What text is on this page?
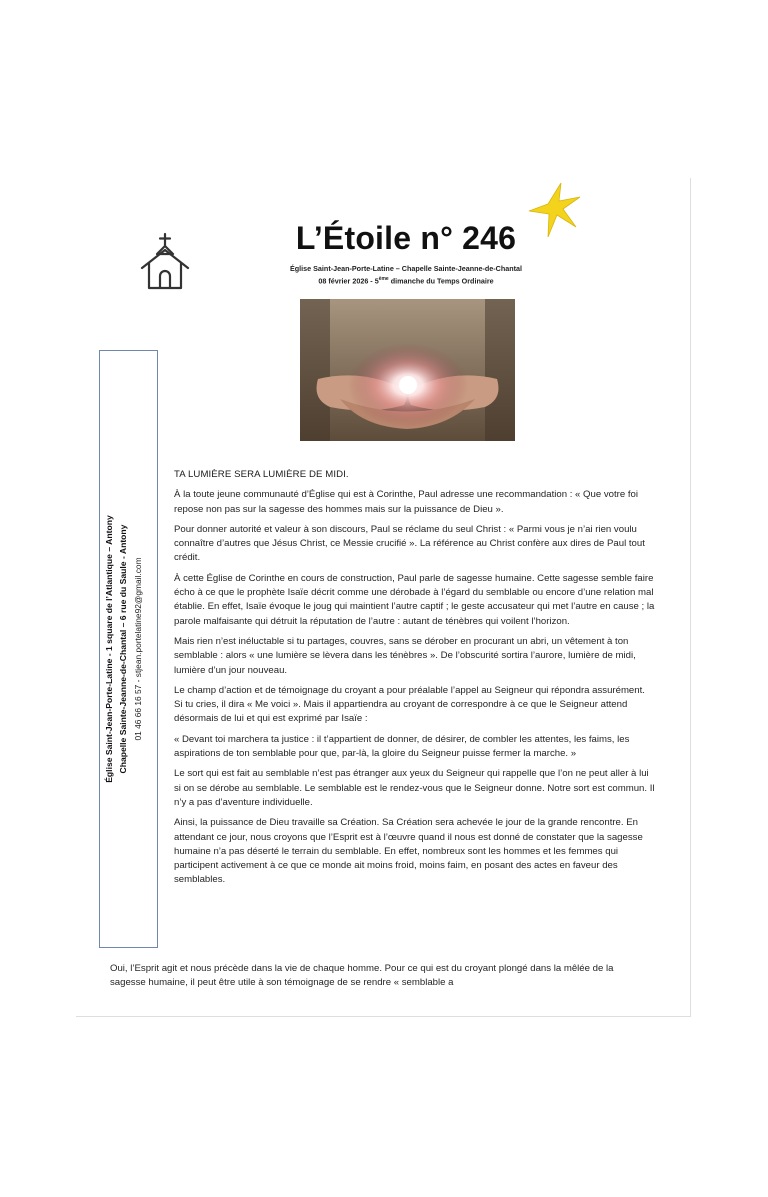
L’Étoile n° 246
Église Saint-Jean-Porte-Latine – Chapelle Sainte-Jeanne-de-Chantal
08 février 2026 - 5ème dimanche du Temps Ordinaire
Église Saint-Jean-Porte-Latine - 1 square de l’Atlantique – Antony Chapelle Sainte-Jeanne-de-Chantal – 6 rue du Saule - Antony 01 46 66 16 57 - stjean.portelatine92@gmail.com
TA LUMIÈRE SERA LUMIÈRE DE MIDI.

À la toute jeune communauté d’Église qui est à Corinthe, Paul adresse une recommandation : « Que votre foi repose non pas sur la sagesse des hommes mais sur la puissance de Dieu ».

Pour donner autorité et valeur à son discours, Paul se réclame du seul Christ : « Parmi vous je n’ai rien voulu connaître d’autres que Jésus Christ, ce Messie crucifié ». La référence au Christ confère aux dires de Paul tout crédit.

À cette Église de Corinthe en cours de construction, Paul parle de sagesse humaine. Cette sagesse semble faire écho à ce que le prophète Isaïe décrit comme une dérobade à l’égard du semblable ou encore d’une relation mal établie. En effet, Isaïe évoque le joug qui maintient l’autre captif ; le geste accusateur qui met l’autre en cause ; la parole malfaisante qui détruit la réputation de l’autre : autant de ténèbres qui voilent l’horizon.

Mais rien n’est inéluctable si tu partages, couvres, sans se dérober en procurant un abri, un vêtement à ton semblable : alors « une lumière se lèvera dans les ténèbres ». De l’obscurité sortira l’aurore, lumière de midi, lumière d’un jour nouveau.

Le champ d’action et de témoignage du croyant a pour préalable l’appel au Seigneur qui répondra assurément. Si tu cries, il dira « Me voici ». Mais il appartiendra au croyant de correspondre à ce que le Seigneur attend désormais de lui et qui est exprimé par Isaïe :

« Devant toi marchera ta justice : il t’appartient de donner, de désirer, de combler les attentes, les faims, les aspirations de ton semblable pour que, par-là, la gloire du Seigneur puisse fermer la marche. »

Le sort qui est fait au semblable n’est pas étranger aux yeux du Seigneur qui rappelle que l’on ne peut aller à lui si on se dérobe au semblable. Le semblable est le rendez-vous que le Seigneur donne. Notre sort est commun. Il n’y a pas d’aventure individuelle.

Ainsi, la puissance de Dieu travaille sa Création. Sa Création sera achevée le jour de la grande rencontre. En attendant ce jour, nous croyons que l’Esprit est à l’œuvre quand il nous est donné de constater que la sagesse humaine n’a pas déserté le terrain du semblable. En effet, nombreux sont les hommes et les femmes qui participent activement à ce que ce monde ait moins froid, moins faim, en posant des actes en faveur des semblables.

Oui, l’Esprit agit et nous précède dans la vie de chaque homme. Pour ce qui est du croyant plongé dans la mêlée de la sagesse humaine, il peut être utile à son témoignage de se rendre « semblable a
